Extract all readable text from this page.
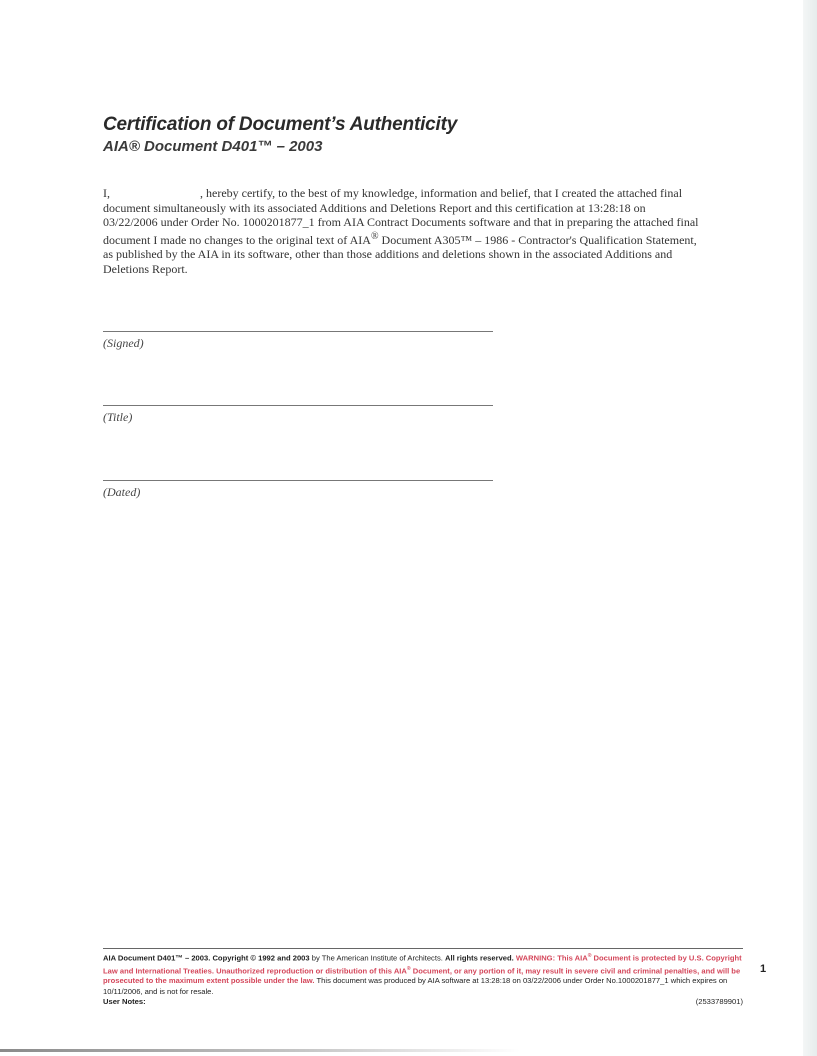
Certification of Document’s Authenticity
AIA® Document D401™ – 2003

I,	, hereby certify, to the best of my knowledge, information and belief, that I created the attached final document simultaneously with its associated Additions and Deletions Report and this certification at 13:28:18 on 03/22/2006 under Order No. 1000201877_1 from AIA Contract Documents software and that in preparing the attached final document I made no changes to the original text of AIA® Document A305™ – 1986 - Contractor's Qualification Statement, as published by the AIA in its software, other than those additions and deletions shown in the associated Additions and Deletions Report.

(Signed)
(Title)
(Dated)
AIA Document D401™ – 2003. Copyright © 1992 and 2003 by The American Institute of Architects. All rights reserved. WARNING: This AIA® Document is protected by U.S. Copyright Law and International Treaties. Unauthorized reproduction or distribution of this AIA® Document, or any portion of it, may result in severe civil and criminal penalties, and will be prosecuted to the maximum extent possible under the law. This document was produced by AIA software at 13:28:18 on 03/22/2006 under Order No.1000201877_1 which expires on 10/11/2006, and is not for resale.
User Notes:	(2533789901)
1
